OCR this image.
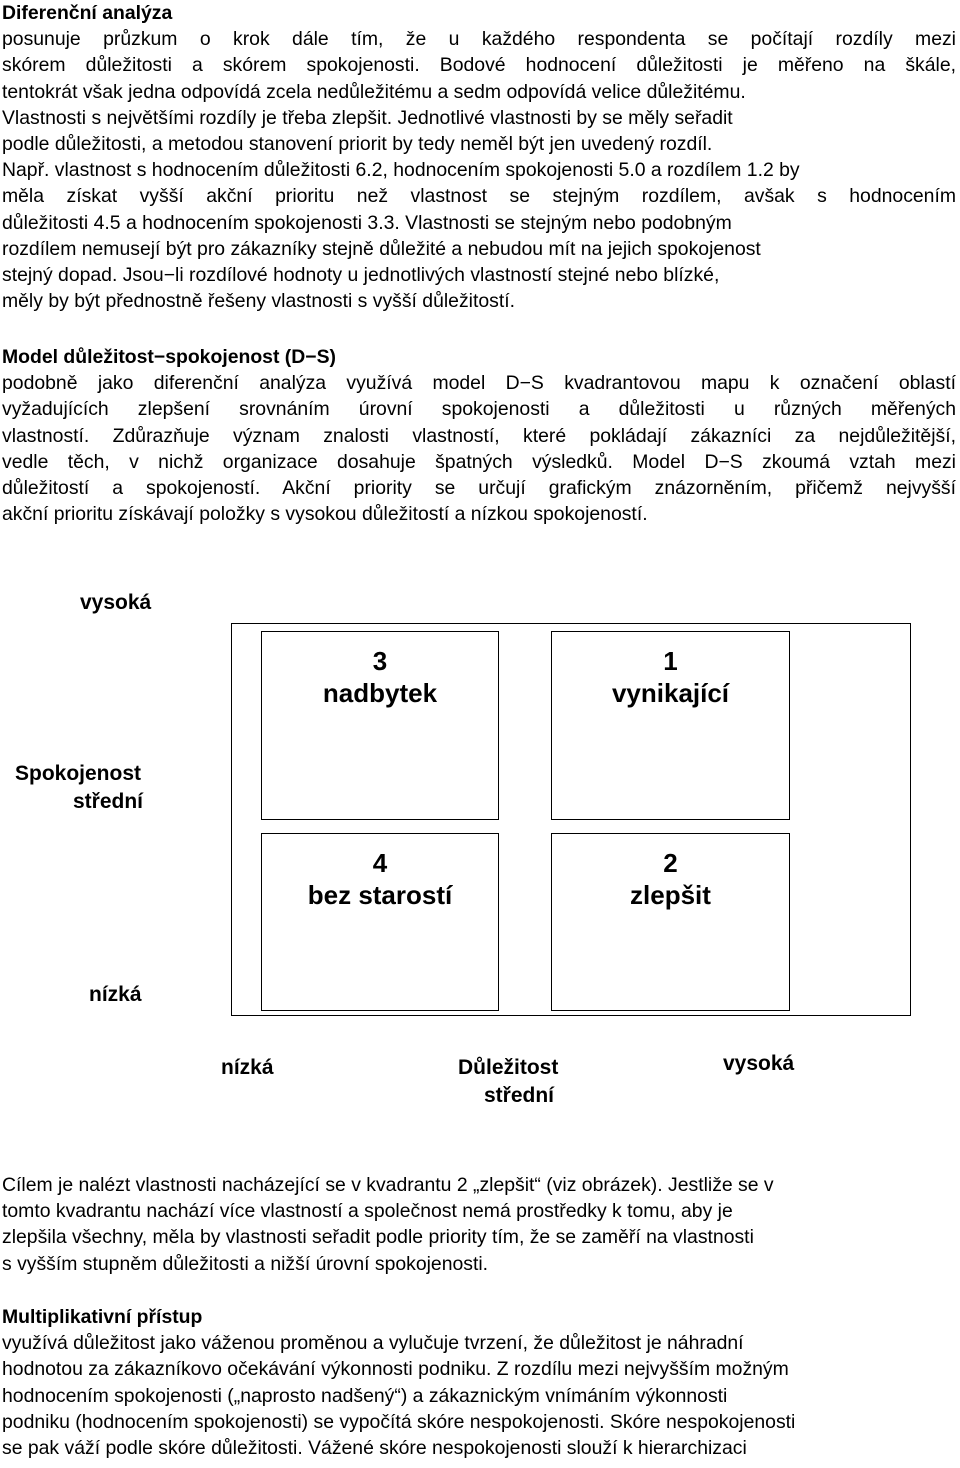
Diferenční analýza
posunuje průzkum o krok dále tím, že u každého respondenta se počítají rozdíly mezi
skórem důležitosti a skórem spokojenosti. Bodové hodnocení důležitosti je měřeno na škále,
tentokrát však jedna odpovídá zcela nedůležitému a sedm odpovídá velice důležitému.
Vlastnosti s největšími rozdíly je třeba zlepšit. Jednotlivé vlastnosti by se měly seřadit
podle důležitosti, a metodou stanovení priorit by tedy neměl být jen uvedený rozdíl.
Např. vlastnost s hodnocením důležitosti 6.2, hodnocením spokojenosti 5.0 a rozdílem 1.2 by
měla získat vyšší akční prioritu než vlastnost se stejným rozdílem, avšak s hodnocením
důležitosti 4.5 a hodnocením spokojenosti 3.3. Vlastnosti se stejným nebo podobným
rozdílem nemusejí být pro zákazníky stejně důležité a nebudou mít na jejich spokojenost
stejný dopad. Jsou−li rozdílové hodnoty u jednotlivých vlastností stejné nebo blízké,
měly by být přednostně řešeny vlastnosti s vyšší důležitostí.
Model důležitost−spokojenost (D−S)
podobně jako diferenční analýza využívá model D−S kvadrantovou mapu k označení oblastí
vyžadujících zlepšení srovnáním úrovní spokojenosti a důležitosti u různých měřených
vlastností. Zdůrazňuje význam znalosti vlastností, které pokládají zákazníci za nejdůležitější,
vedle těch, v nichž organizace dosahuje špatných výsledků. Model D−S zkoumá vztah mezi
důležitostí a spokojeností. Akční priority se určují grafickým znázorněním, přičemž nejvyšší
akční prioritu získávají položky s vysokou důležitostí a nízkou spokojeností.
vysoká
Spokojenost
střední
nízká
3
nadbytek
1
vynikající
4
bez starostí
2
zlepšit
nízká	Důležitost
střední
vysoká
Cílem je nalézt vlastnosti nacházející se v kvadrantu 2 „zlepšit“ (viz obrázek). Jestliže se v
tomto kvadrantu nachází více vlastností a společnost nemá prostředky k tomu, aby je
zlepšila všechny, měla by vlastnosti seřadit podle priority tím, že se zaměří na vlastnosti
s vyšším stupněm důležitosti a nižší úrovní spokojenosti.
Multiplikativní přístup
využívá důležitost jako váženou proměnou a vylučuje tvrzení, že důležitost je náhradní
hodnotou za zákazníkovo očekávání výkonnosti podniku. Z rozdílu mezi nejvyšším možným
hodnocením spokojenosti („naprosto nadšený“) a zákaznickým vnímáním výkonnosti
podniku (hodnocením spokojenosti) se vypočítá skóre nespokojenosti. Skóre nespokojenosti
se pak váží podle skóre důležitosti. Vážené skóre nespokojenosti slouží k hierarchizaci
